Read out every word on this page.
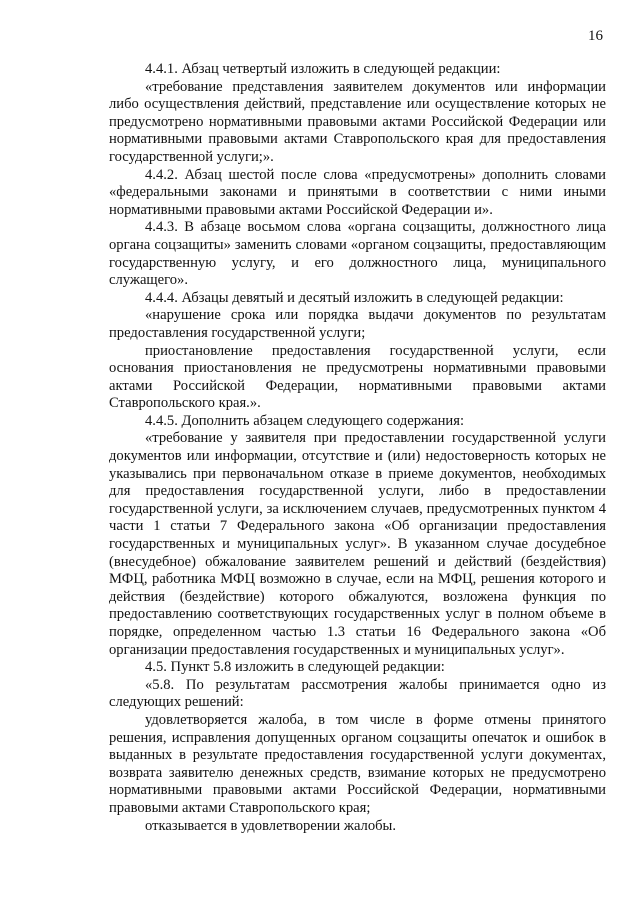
16

4.4.1. Абзац четвертый изложить в следующей редакции:

«требование представления заявителем документов или информации либо осуществления действий, представление или осуществление которых не предусмотрено нормативными правовыми актами Российской Федерации или нормативными правовыми актами Ставропольского края для предоставления государственной услуги;».

4.4.2. Абзац шестой после слова «предусмотрены» дополнить словами «федеральными законами и принятыми в соответствии с ними иными нормативными правовыми актами Российской Федерации и».

4.4.3. В абзаце восьмом слова «органа соцзащиты, должностного лица органа соцзащиты» заменить словами «органом соцзащиты, предоставляющим государственную услугу, и его должностного лица, муниципального служащего».

4.4.4. Абзацы девятый и десятый изложить в следующей редакции:

«нарушение срока или порядка выдачи документов по результатам предоставления государственной услуги;

приостановление предоставления государственной услуги, если основания приостановления не предусмотрены нормативными правовыми актами Российской Федерации, нормативными правовыми актами Ставропольского края.».

4.4.5. Дополнить абзацем следующего содержания:

«требование у заявителя при предоставлении государственной услуги документов или информации, отсутствие и (или) недостоверность которых не указывались при первоначальном отказе в приеме документов, необходимых для предоставления государственной услуги, либо в предоставлении государственной услуги, за исключением случаев, предусмотренных пунктом 4 части 1 статьи 7 Федерального закона «Об организации предоставления государственных и муниципальных услуг». В указанном случае досудебное (внесудебное) обжалование заявителем решений и действий (бездействия) МФЦ, работника МФЦ возможно в случае, если на МФЦ, решения которого и действия (бездействие) которого обжалуются, возложена функция по предоставлению соответствующих государственных услуг в полном объеме в порядке, определенном частью 1.3 статьи 16 Федерального закона «Об организации предоставления государственных и муниципальных услуг».

4.5. Пункт 5.8 изложить в следующей редакции:

«5.8. По результатам рассмотрения жалобы принимается одно из следующих решений:

удовлетворяется жалоба, в том числе в форме отмены принятого решения, исправления допущенных органом соцзащиты опечаток и ошибок в выданных в результате предоставления государственной услуги документах, возврата заявителю денежных средств, взимание которых не предусмотрено нормативными правовыми актами Российской Федерации, нормативными правовыми актами Ставропольского края;

отказывается в удовлетворении жалобы.
